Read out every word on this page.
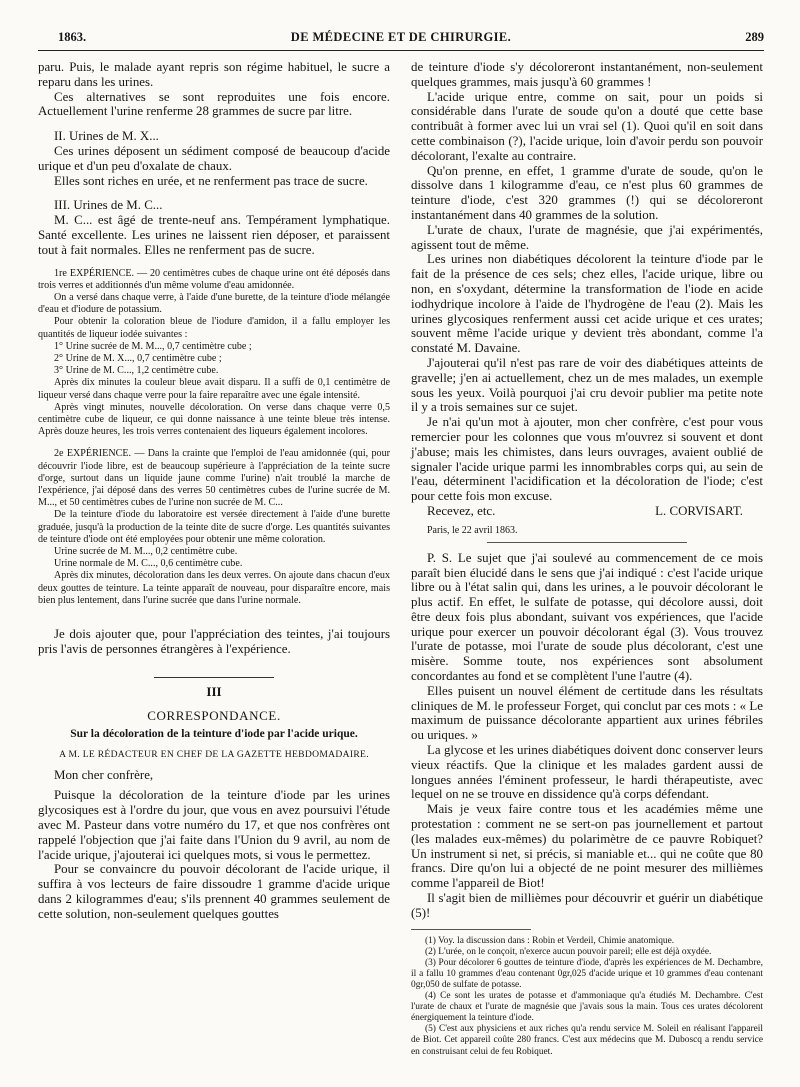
1863.	DE MÉDECINE ET DE CHIRURGIE.	289

paru. Puis, le malade ayant repris son régime habituel, le sucre a reparu dans les urines.

Ces alternatives se sont reproduites une fois encore. Actuellement l'urine renferme 28 grammes de sucre par litre.

II. Urines de M. X...

Ces urines déposent un sédiment composé de beaucoup d'acide urique et d'un peu d'oxalate de chaux.

Elles sont riches en urée, et ne renferment pas trace de sucre.

III. Urines de M. C...

M. C... est âgé de trente-neuf ans. Tempérament lymphatique. Santé excellente. Les urines ne laissent rien déposer, et paraissent tout à fait normales. Elles ne renferment pas de sucre.

1re EXPÉRIENCE. — 20 centimètres cubes de chaque urine ont été déposés dans trois verres et additionnés d'un même volume d'eau amidonnée.

On a versé dans chaque verre, à l'aide d'une burette, de la teinture d'iode mélangée d'eau et d'iodure de potassium.

Pour obtenir la coloration bleue de l'iodure d'amidon, il a fallu employer les quantités de liqueur iodée suivantes :

1° Urine sucrée de M. M..., 0,7 centimètre cube ;

2° Urine de M. X..., 0,7 centimètre cube ;

3° Urine de M. C..., 1,2 centimètre cube.

Après dix minutes la couleur bleue avait disparu. Il a suffi de 0,1 centimètre de liqueur versé dans chaque verre pour la faire reparaître avec une égale intensité.

Après vingt minutes, nouvelle décoloration. On verse dans chaque verre 0,5 centimètre cube de liqueur, ce qui donne naissance à une teinte bleue très intense. Après douze heures, les trois verres contenaient des liqueurs également incolores.

2e EXPÉRIENCE. — Dans la crainte que l'emploi de l'eau amidonnée (qui, pour découvrir l'iode libre, est de beaucoup supérieure à l'appréciation de la teinte sucre d'orge, surtout dans un liquide jaune comme l'urine) n'ait troublé la marche de l'expérience, j'ai déposé dans des verres 50 centimètres cubes de l'urine sucrée de M. M..., et 50 centimètres cubes de l'urine non sucrée de M. C...

De la teinture d'iode du laboratoire est versée directement à l'aide d'une burette graduée, jusqu'à la production de la teinte dite de sucre d'orge. Les quantités suivantes de teinture d'iode ont été employées pour obtenir une même coloration.

Urine sucrée de M. M..., 0,2 centimètre cube.

Urine normale de M. C..., 0,6 centimètre cube.

Après dix minutes, décoloration dans les deux verres. On ajoute dans chacun d'eux deux gouttes de teinture. La teinte apparaît de nouveau, pour disparaître encore, mais bien plus lentement, dans l'urine sucrée que dans l'urine normale.

Je dois ajouter que, pour l'appréciation des teintes, j'ai toujours pris l'avis de personnes étrangères à l'expérience.

III

CORRESPONDANCE.

Sur la décoloration de la teinture d'iode par l'acide urique.

A M. LE RÉDACTEUR EN CHEF DE LA GAZETTE HEBDOMADAIRE.

Mon cher confrère,

Puisque la décoloration de la teinture d'iode par les urines glycosiques est à l'ordre du jour, que vous en avez poursuivi l'étude avec M. Pasteur dans votre numéro du 17, et que nos confrères ont rappelé l'objection que j'ai faite dans l'Union du 9 avril, au nom de l'acide urique, j'ajouterai ici quelques mots, si vous le permettez.

Pour se convaincre du pouvoir décolorant de l'acide urique, il suffira à vos lecteurs de faire dissoudre 1 gramme d'acide urique dans 2 kilogrammes d'eau; s'ils prennent 40 grammes seulement de cette solution, non-seulement quelques gouttes

de teinture d'iode s'y décoloreront instantanément, non-seulement quelques grammes, mais jusqu'à 60 grammes !

L'acide urique entre, comme on sait, pour un poids si considérable dans l'urate de soude qu'on a douté que cette base contribuât à former avec lui un vrai sel (1). Quoi qu'il en soit dans cette combinaison (?), l'acide urique, loin d'avoir perdu son pouvoir décolorant, l'exalte au contraire.

Qu'on prenne, en effet, 1 gramme d'urate de soude, qu'on le dissolve dans 1 kilogramme d'eau, ce n'est plus 60 grammes de teinture d'iode, c'est 320 grammes (!) qui se décoloreront instantanément dans 40 grammes de la solution.

L'urate de chaux, l'urate de magnésie, que j'ai expérimentés, agissent tout de même.

Les urines non diabétiques décolorent la teinture d'iode par le fait de la présence de ces sels; chez elles, l'acide urique, libre ou non, en s'oxydant, détermine la transformation de l'iode en acide iodhydrique incolore à l'aide de l'hydrogène de l'eau (2). Mais les urines glycosiques renferment aussi cet acide urique et ces urates; souvent même l'acide urique y devient très abondant, comme l'a constaté M. Davaine.

J'ajouterai qu'il n'est pas rare de voir des diabétiques atteints de gravelle; j'en ai actuellement, chez un de mes malades, un exemple sous les yeux. Voilà pourquoi j'ai cru devoir publier ma petite note il y a trois semaines sur ce sujet.

Je n'ai qu'un mot à ajouter, mon cher confrère, c'est pour vous remercier pour les colonnes que vous m'ouvrez si souvent et dont j'abuse; mais les chimistes, dans leurs ouvrages, avaient oublié de signaler l'acide urique parmi les innombrables corps qui, au sein de l'eau, déterminent l'acidification et la décoloration de l'iode; c'est pour cette fois mon excuse.

Recevez, etc.	L. CORVISART.

Paris, le 22 avril 1863.

P. S. Le sujet que j'ai soulevé au commencement de ce mois paraît bien élucidé dans le sens que j'ai indiqué : c'est l'acide urique libre ou à l'état salin qui, dans les urines, a le pouvoir décolorant le plus actif. En effet, le sulfate de potasse, qui décolore aussi, doit être deux fois plus abondant, suivant vos expériences, que l'acide urique pour exercer un pouvoir décolorant égal (3). Vous trouvez l'urate de potasse, moi l'urate de soude plus décolorant, c'est une misère. Somme toute, nos expériences sont absolument concordantes au fond et se complètent l'une l'autre (4).

Elles puisent un nouvel élément de certitude dans les résultats cliniques de M. le professeur Forget, qui conclut par ces mots : « Le maximum de puissance décolorante appartient aux urines fébriles ou uriques. »

La glycose et les urines diabétiques doivent donc conserver leurs vieux réactifs. Que la clinique et les malades gardent aussi de longues années l'éminent professeur, le hardi thérapeutiste, avec lequel on ne se trouve en dissidence qu'à corps défendant.

Mais je veux faire contre tous et les académies même une protestation : comment ne se sert-on pas journellement et partout (les malades eux-mêmes) du polarimètre de ce pauvre Robiquet? Un instrument si net, si précis, si maniable et... qui ne coûte que 80 francs. Dire qu'on lui a objecté de ne point mesurer des millièmes comme l'appareil de Biot!

Il s'agit bien de millièmes pour découvrir et guérir un diabétique (5)!

(1) Voy. la discussion dans : Robin et Verdeil, Chimie anatomique.

(2) L'urée, on le conçoit, n'exerce aucun pouvoir pareil; elle est déjà oxydée.

(3) Pour décolorer 6 gouttes de teinture d'iode, d'après les expériences de M. Dechambre, il a fallu 10 grammes d'eau contenant 0gr,025 d'acide urique et 10 grammes d'eau contenant 0gr,050 de sulfate de potasse.

(4) Ce sont les urates de potasse et d'ammoniaque qu'a étudiés M. Dechambre. C'est l'urate de chaux et l'urate de magnésie que j'avais sous la main. Tous ces urates décolorent énergiquement la teinture d'iode.

(5) C'est aux physiciens et aux riches qu'a rendu service M. Soleil en réalisant l'appareil de Biot. Cet appareil coûte 280 francs. C'est aux médecins que M. Duboscq a rendu service en construisant celui de feu Robiquet.
